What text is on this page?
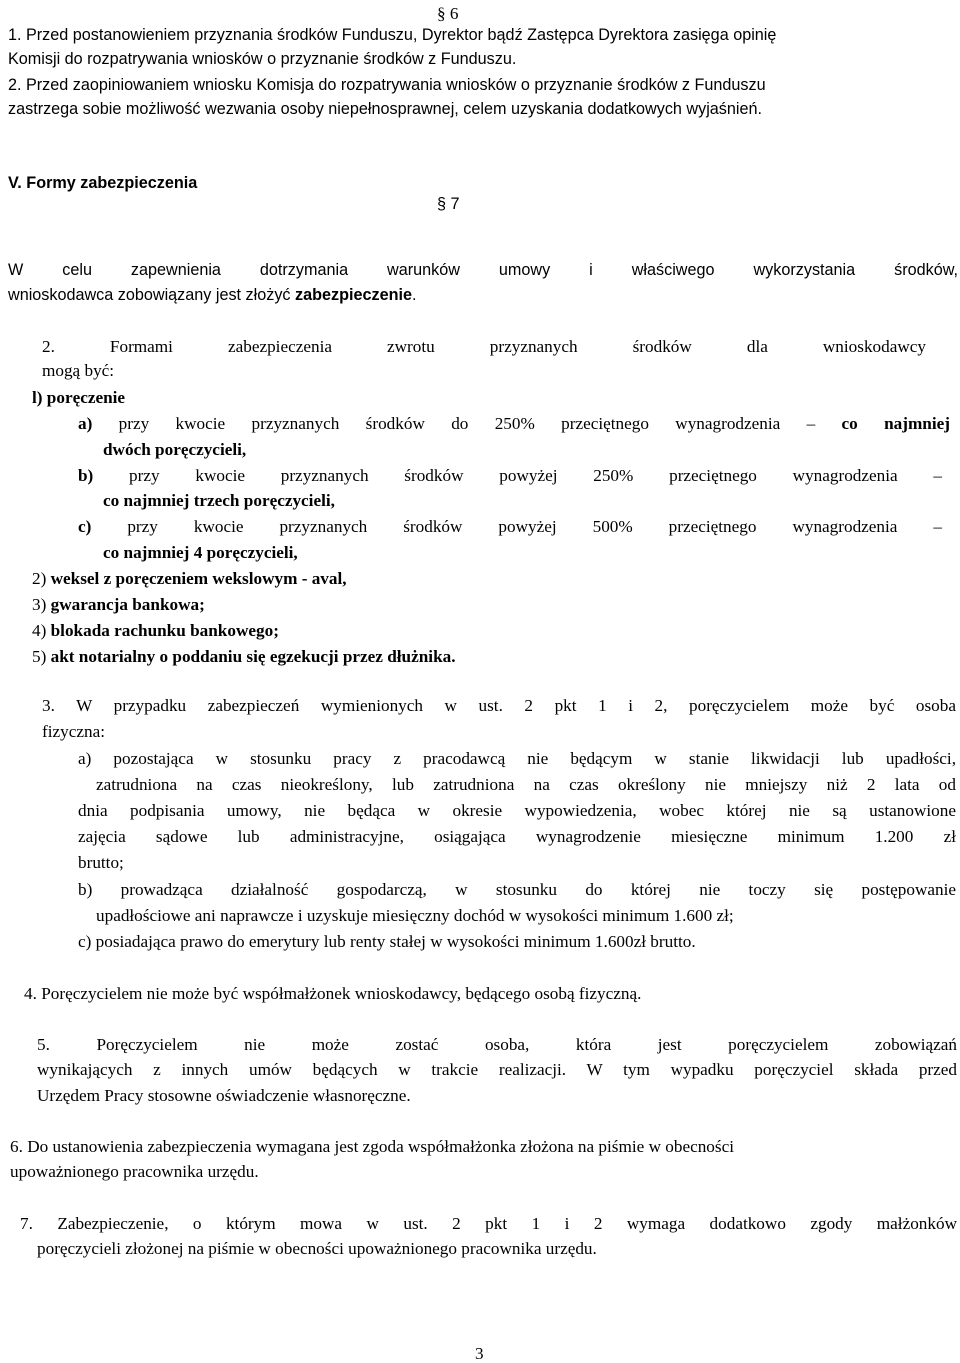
§ 6
1. Przed postanowieniem przyznania środków Funduszu, Dyrektor bądź Zastępca Dyrektora zasięga opinię
Komisji do rozpatrywania wniosków o przyznanie środków z Funduszu.
2. Przed zaopiniowaniem wniosku Komisja do rozpatrywania wniosków o przyznanie środków z Funduszu
zastrzega sobie możliwość wezwania osoby niepełnosprawnej, celem uzyskania dodatkowych wyjaśnień.
V. Formy zabezpieczenia
§ 7
W celu zapewnienia dotrzymania warunków umowy i właściwego wykorzystania środków,
wnioskodawca zobowiązany jest złożyć zabezpieczenie.
2. Formami zabezpieczenia zwrotu przyznanych środków dla wnioskodawcy
mogą być:
l) poręczenie
a) przy kwocie przyznanych środków do 250% przeciętnego wynagrodzenia – co najmniej
dwóch poręczycieli,
b) przy kwocie przyznanych środków powyżej 250% przeciętnego wynagrodzenia –
co najmniej trzech poręczycieli,
c) przy kwocie przyznanych środków powyżej 500% przeciętnego wynagrodzenia –
co najmniej 4 poręczycieli,
2) weksel z poręczeniem wekslowym - aval,
3) gwarancja bankowa;
4) blokada rachunku bankowego;
5) akt notarialny o poddaniu się egzekucji przez dłużnika.
3. W przypadku zabezpieczeń wymienionych w ust. 2 pkt 1 i 2, poręczycielem może być osoba
fizyczna:
a) pozostająca w stosunku pracy z pracodawcą nie będącym w stanie likwidacji lub upadłości,
zatrudniona na czas nieokreślony, lub zatrudniona na czas określony nie mniejszy niż 2 lata od
dnia podpisania umowy, nie będąca w okresie wypowiedzenia, wobec której nie są ustanowione
zajęcia sądowe lub administracyjne, osiągająca wynagrodzenie miesięczne minimum 1.200 zł
brutto;
b) prowadząca działalność gospodarczą, w stosunku do której nie toczy się postępowanie
upadłościowe ani naprawcze i uzyskuje miesięczny dochód w wysokości minimum 1.600 zł;
c) posiadająca prawo do emerytury lub renty stałej w wysokości minimum 1.600zł brutto.
4. Poręczycielem nie może być współmałżonek wnioskodawcy, będącego osobą fizyczną.
5. Poręczycielem nie może zostać osoba, która jest poręczycielem zobowiązań
wynikających z innych umów będących w trakcie realizacji. W tym wypadku poręczyciel składa przed
Urzędem Pracy stosowne oświadczenie własnoręczne.
6. Do ustanowienia zabezpieczenia wymagana jest zgoda współmałżonka złożona na piśmie w obecności
upoważnionego pracownika urzędu.
7. Zabezpieczenie, o którym mowa w ust. 2 pkt 1 i 2 wymaga dodatkowo zgody małżonków
poręczycieli złożonej na piśmie w obecności upoważnionego pracownika urzędu.
3
